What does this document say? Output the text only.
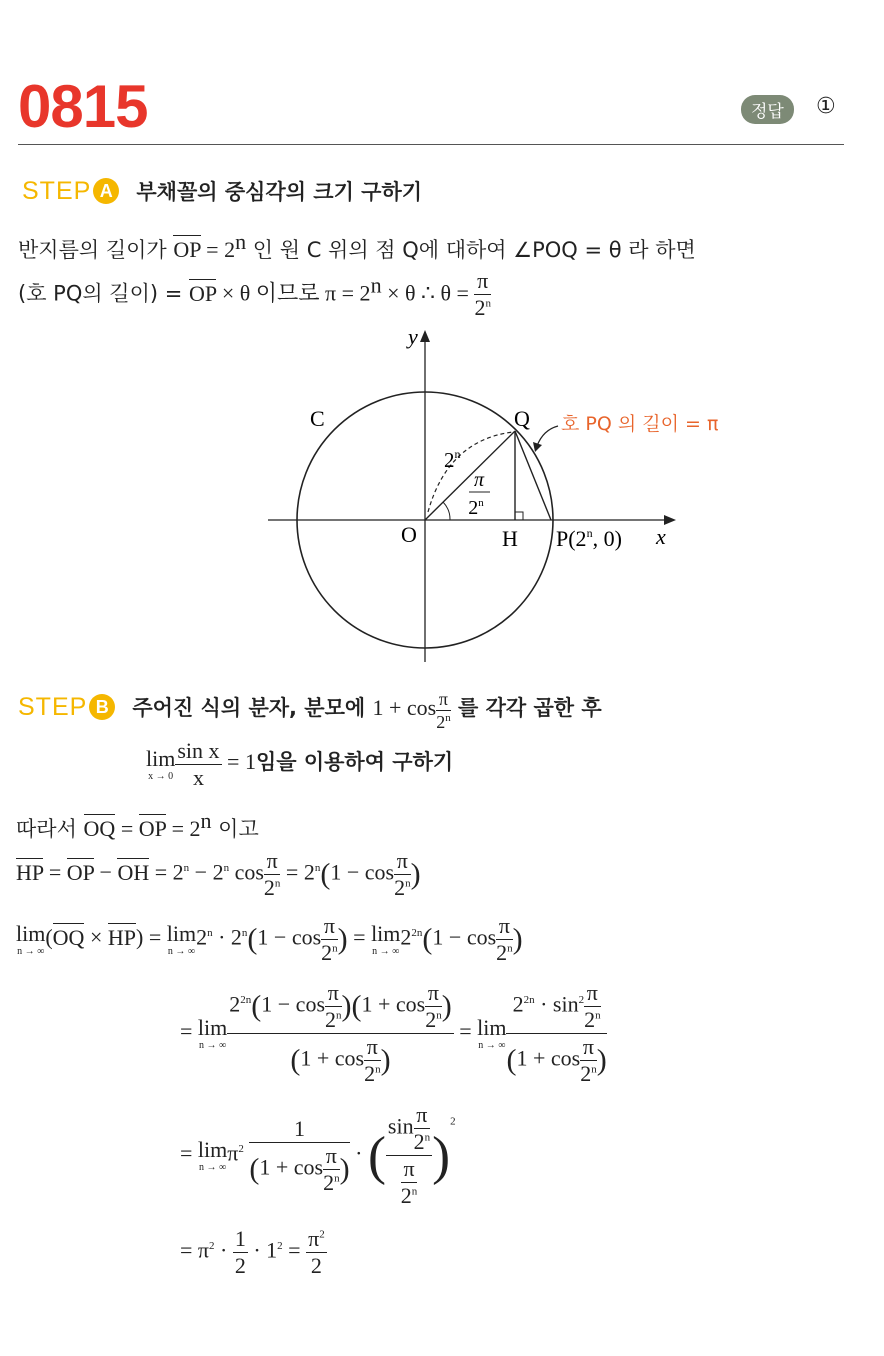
0815	정답	①
STEP A 부채꼴의 중심각의 크기 구하기
반지름의 길이가 OP = $2^n$ 인 원 C 위의 점 Q에 대하여 ∠POQ = θ 라 하면
(호 PQ의 길이) = OP × θ 이므로 $\pi = 2^n \times \theta$ ∴ $\theta = \frac{\pi}{2^n}$
y
x
C
O
Q
H P(2$^n$, 0)
2$^n$
π
2$^n$
호 PQ 의 길이 = π
STEP B 주어진 식의 분자, 분모에 $1 + \cos \frac{\pi}{2^n}$ 를 각각 곱한 후
lim
$x \to 0 \frac{\text{sin x}}{x} = 1$임을 이용하여 구하기
따라서 OQ = OP = $2^n$ 이고
HP = OP − OH = $2^n - 2^n$ $\cos \frac{\pi}{2^n} = 2^n(1 - \cos \frac{\pi}{2^n}$ )
lim
n → ∞
(OQ × HP) = lim
n → ∞
$2^n \cdot 2^n(1 - \cos \frac{\pi}{2^n}$ ) = lim
n → ∞
$2^{2n}(1 - \cos \frac{\pi}{2^n}$ )
= lim
n → ∞ $\frac{2^{2n}(1 - \cos \frac{\pi}{2^n} )(1 + \cos \frac{\pi}{2^n} )}{(1 + \cos \frac{\pi}{2^n} )} = \lim$
n → ∞ $\frac{2^{2n} \cdot \sin^2 \frac{\pi}{2^n}}{(1 + \cos \frac{\pi}{2^n} )}$
= lim
n → ∞
$\pi^2 \frac{1}{(1 + \cos \frac{\pi}{2^n} )}$ · ( $\frac{\sin \frac{\pi}{2^n}}{\frac{\pi}{2^n}} )^2$
= $\pi^2 \cdot \frac{1}{2} \cdot 1^2 = \frac{\pi^2}{2}$
